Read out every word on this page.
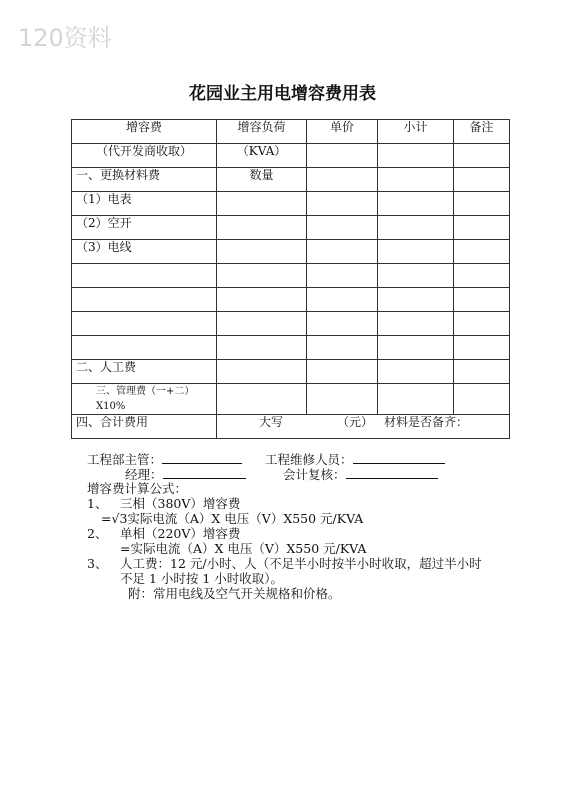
120资料
花园业主用电增容费用表
增容费	增容负荷	单价	小计	备注
（代开发商收取）	（KVA）			
一、更换材料费	数量			
（1）电表				
（2）空开				
（3）电线				

二、人工费				
三、管理费（一+二）X10%				
四、合计费用	大写 （元） 材料是否备齐：			
工程部主管：	工程维修人员：
经理：	会计复核：
增容费计算公式：
1、 三相（380V）增容费
=√3实际电流（A）X 电压（V）X550 元/KVA
2、 单相（220V）增容费
=实际电流（A）X 电压（V）X550 元/KVA
3、 人工费：12 元/小时、人（不足半小时按半小时收取，超过半小时
不足 1 小时按 1 小时收取）。
附：常用电线及空气开关规格和价格。
